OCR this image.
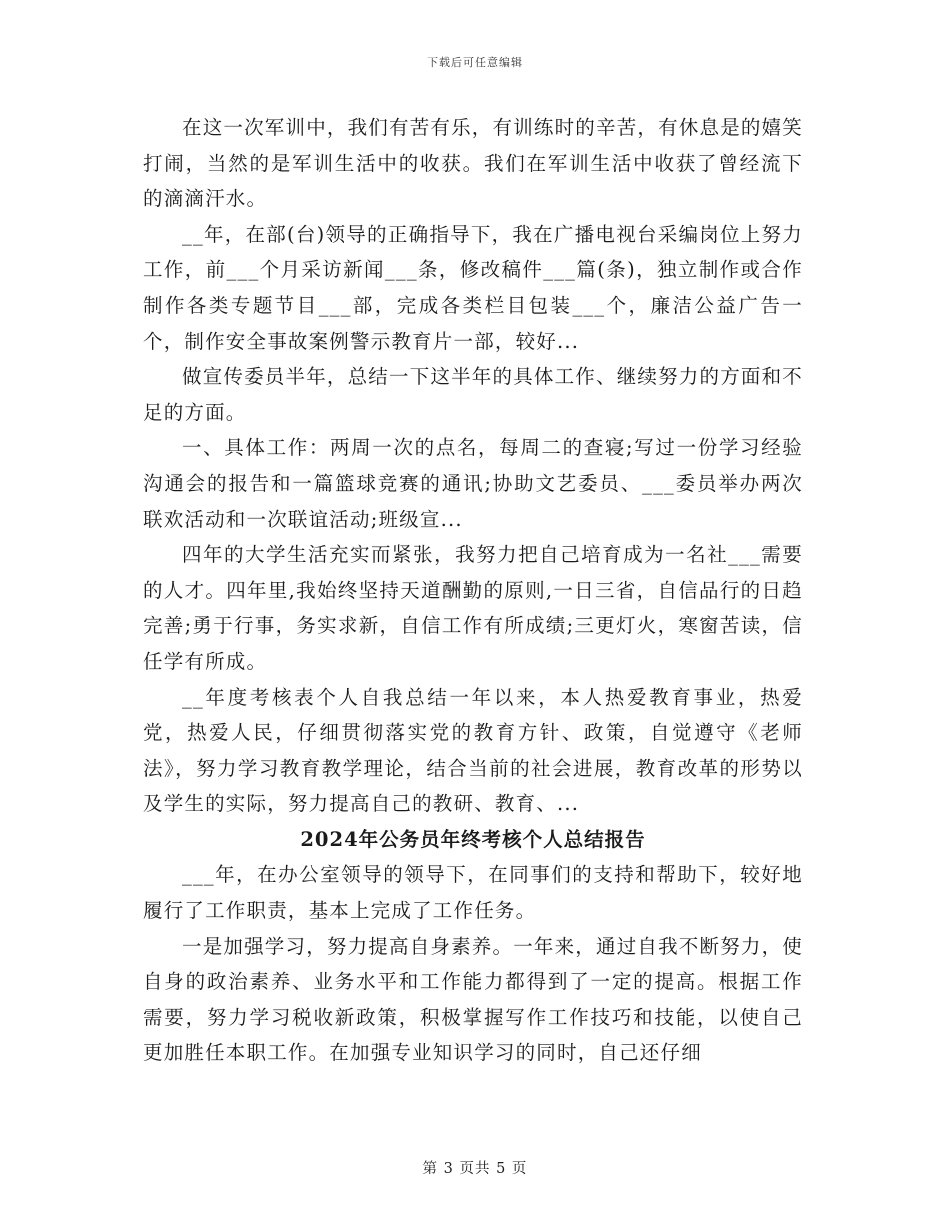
下载后可任意编辑

在这一次军训中，我们有苦有乐，有训练时的辛苦，有休息是的嬉笑打闹，当然的是军训生活中的收获。我们在军训生活中收获了曾经流下的滴滴汗水。

__年，在部(台)领导的正确指导下，我在广播电视台采编岗位上努力工作，前___个月采访新闻___条，修改稿件___篇(条)，独立制作或合作制作各类专题节目___部，完成各类栏目包装___个，廉洁公益广告一个，制作安全事故案例警示教育片一部，较好...

做宣传委员半年，总结一下这半年的具体工作、继续努力的方面和不足的方面。

一、具体工作：两周一次的点名，每周二的查寝;写过一份学习经验沟通会的报告和一篇篮球竞赛的通讯;协助文艺委员、___委员举办两次联欢活动和一次联谊活动;班级宣...

四年的大学生活充实而紧张，我努力把自己培育成为一名社___需要的人才。四年里,我始终坚持天道酬勤的原则,一日三省，自信品行的日趋完善;勇于行事，务实求新，自信工作有所成绩;三更灯火，寒窗苦读，信任学有所成。

__年度考核表个人自我总结一年以来，本人热爱教育事业，热爱党，热爱人民，仔细贯彻落实党的教育方针、政策，自觉遵守《老师法》，努力学习教育教学理论，结合当前的社会进展，教育改革的形势以及学生的实际，努力提高自己的教研、教育、...

2024年公务员年终考核个人总结报告

___年，在办公室领导的领导下，在同事们的支持和帮助下，较好地履行了工作职责，基本上完成了工作任务。

一是加强学习，努力提高自身素养。一年来，通过自我不断努力，使自身的政治素养、业务水平和工作能力都得到了一定的提高。根据工作需要，努力学习税收新政策，积极掌握写作工作技巧和技能，以使自己更加胜任本职工作。在加强专业知识学习的同时，自己还仔细

第 3 页共 5 页
